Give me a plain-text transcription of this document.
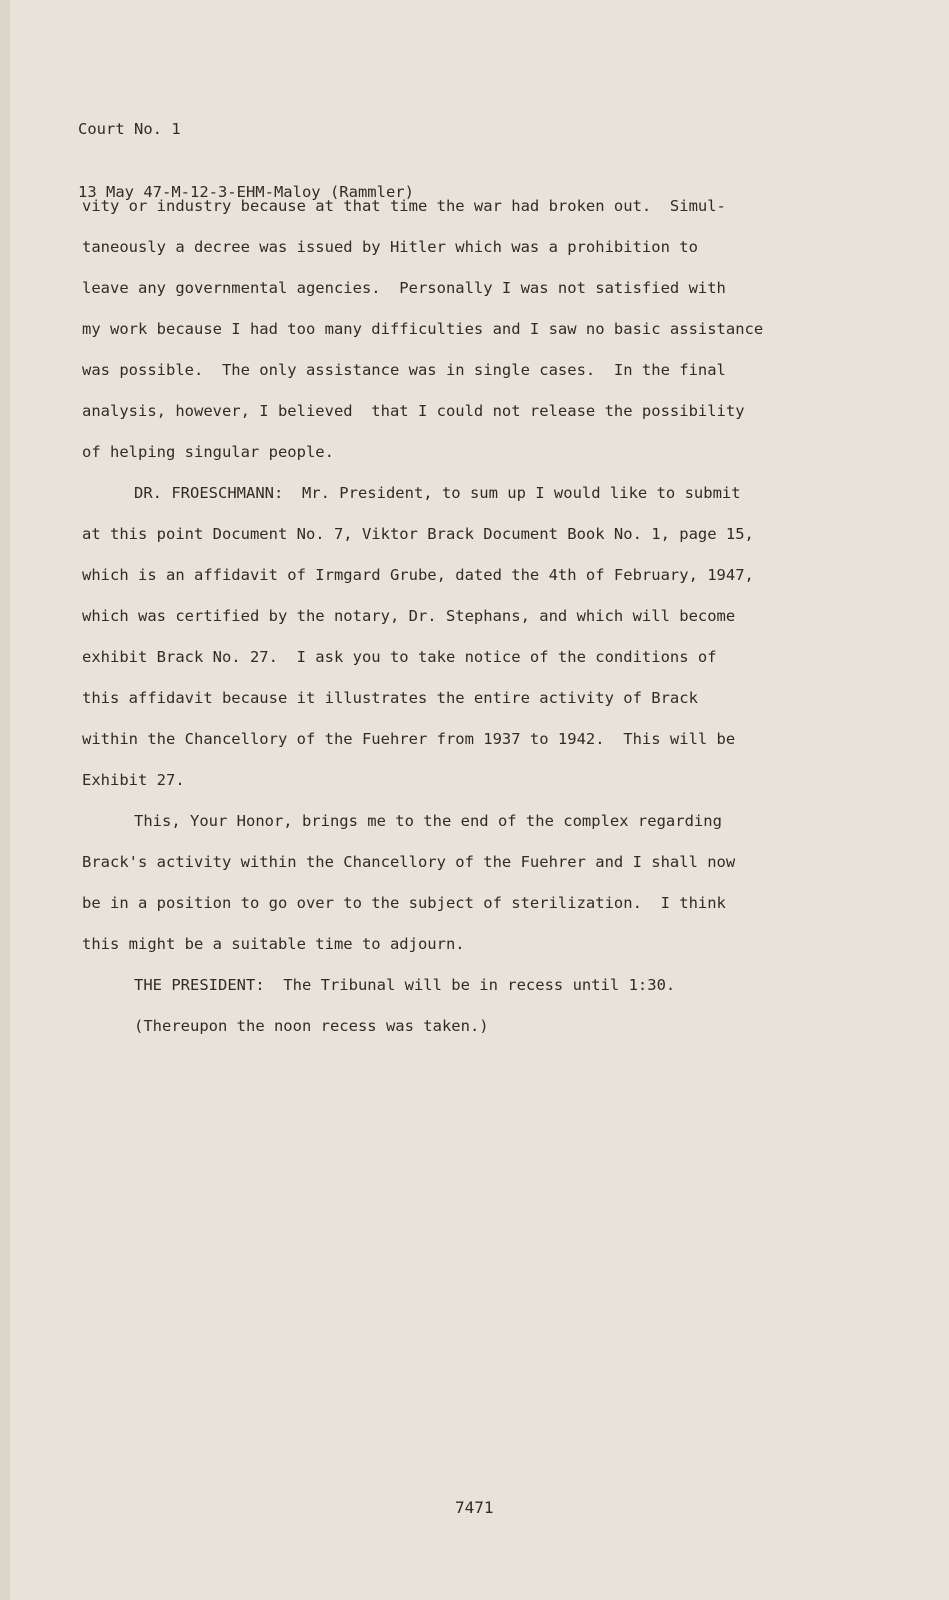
Court No. 1

13 May 47-M-12-3-EHM-Maloy (Rammler)

vity or industry because at that time the war had broken out.  Simul-
taneously a decree was issued by Hitler which was a prohibition to
leave any governmental agencies.  Personally I was not satisfied with
my work because I had too many difficulties and I saw no basic assistance
was possible.  The only assistance was in single cases.  In the final
analysis, however, I believed  that I could not release the possibility
of helping singular people.
DR. FROESCHMANN:  Mr. President, to sum up I would like to submit
at this point Document No. 7, Viktor Brack Document Book No. 1, page 15,
which is an affidavit of Irmgard Grube, dated the 4th of February, 1947,
which was certified by the notary, Dr. Stephans, and which will become
exhibit Brack No. 27.  I ask you to take notice of the conditions of
this affidavit because it illustrates the entire activity of Brack
within the Chancellory of the Fuehrer from 1937 to 1942.  This will be
Exhibit 27.
This, Your Honor, brings me to the end of the complex regarding
Brack's activity within the Chancellory of the Fuehrer and I shall now
be in a position to go over to the subject of sterilization.  I think
this might be a suitable time to adjourn.
THE PRESIDENT:  The Tribunal will be in recess until 1:30.
(Thereupon the noon recess was taken.)
7471
